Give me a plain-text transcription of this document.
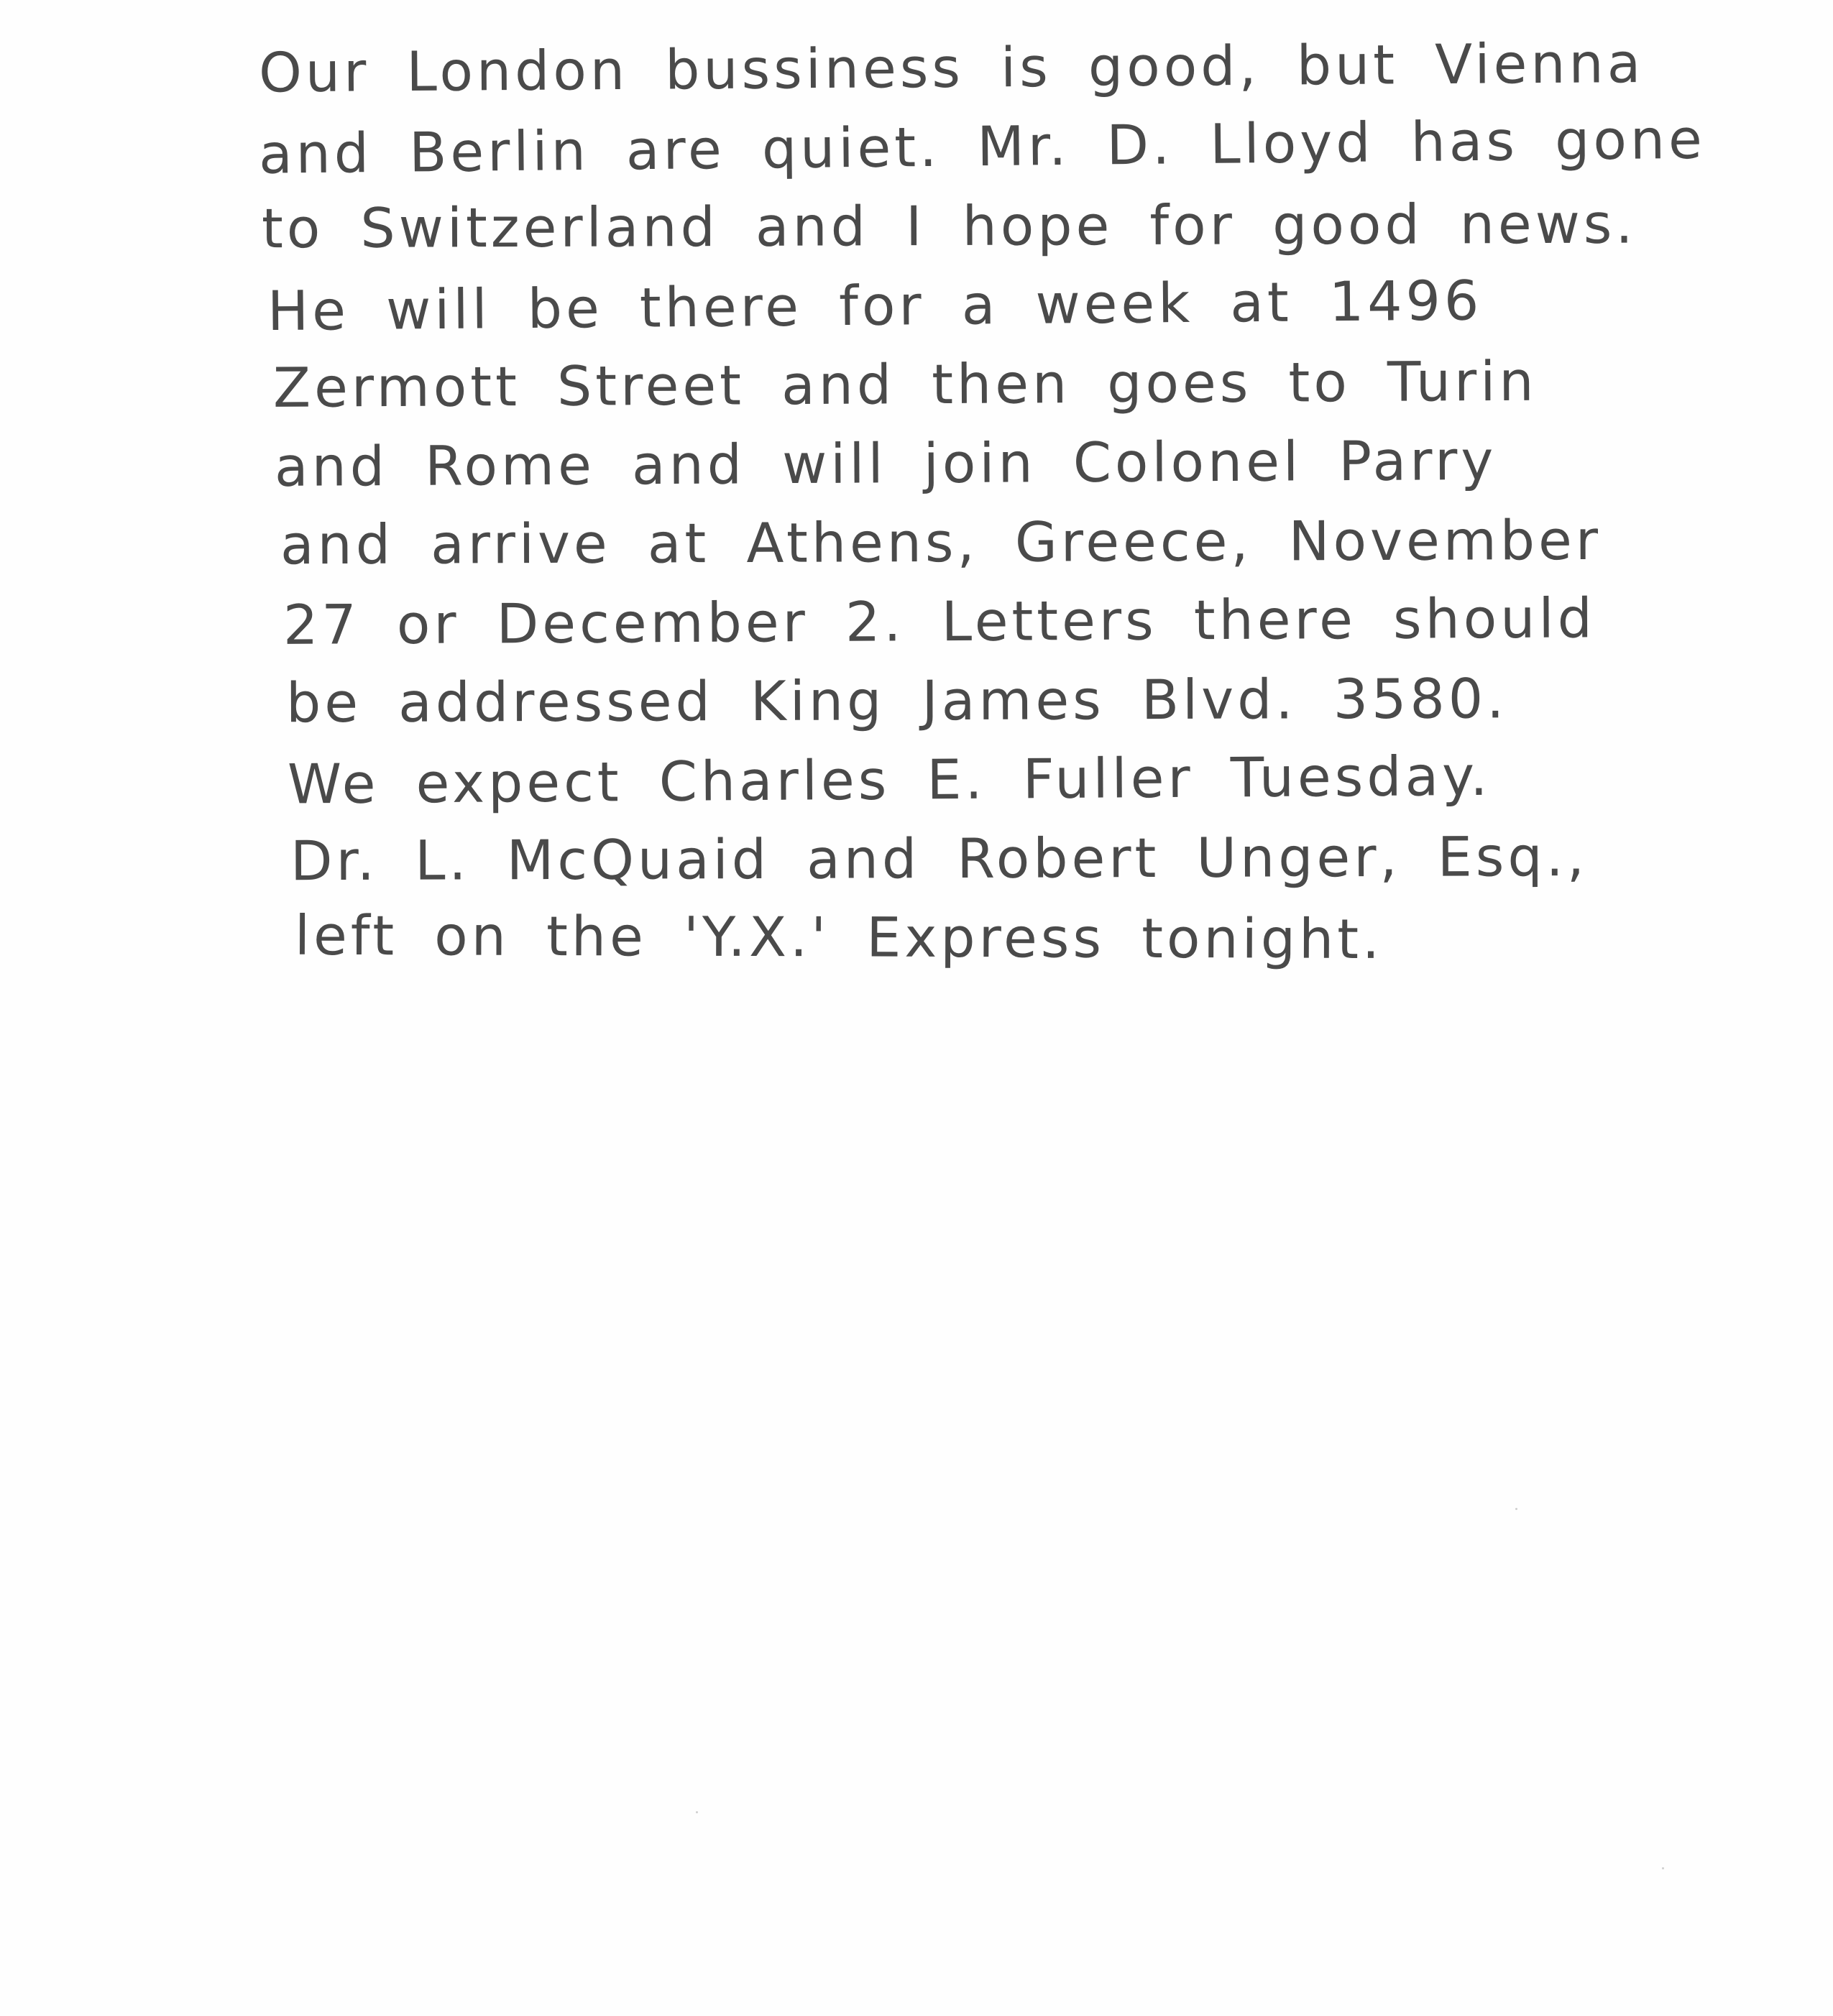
Our London bussiness is good, but Vienna
and Berlin are quiet. Mr. D. Lloyd has gone
to Switzerland and I hope for good news.
He will be there for a week at 1496
Zermott Street and then goes to Turin
and Rome and will join Colonel Parry
and arrive at Athens, Greece, November
27 or December 2. Letters there should
be addressed King James Blvd. 3580.
We expect Charles E. Fuller Tuesday.
Dr. L. McQuaid and Robert Unger, Esq.,
left on the 'Y.X.' Express tonight.
